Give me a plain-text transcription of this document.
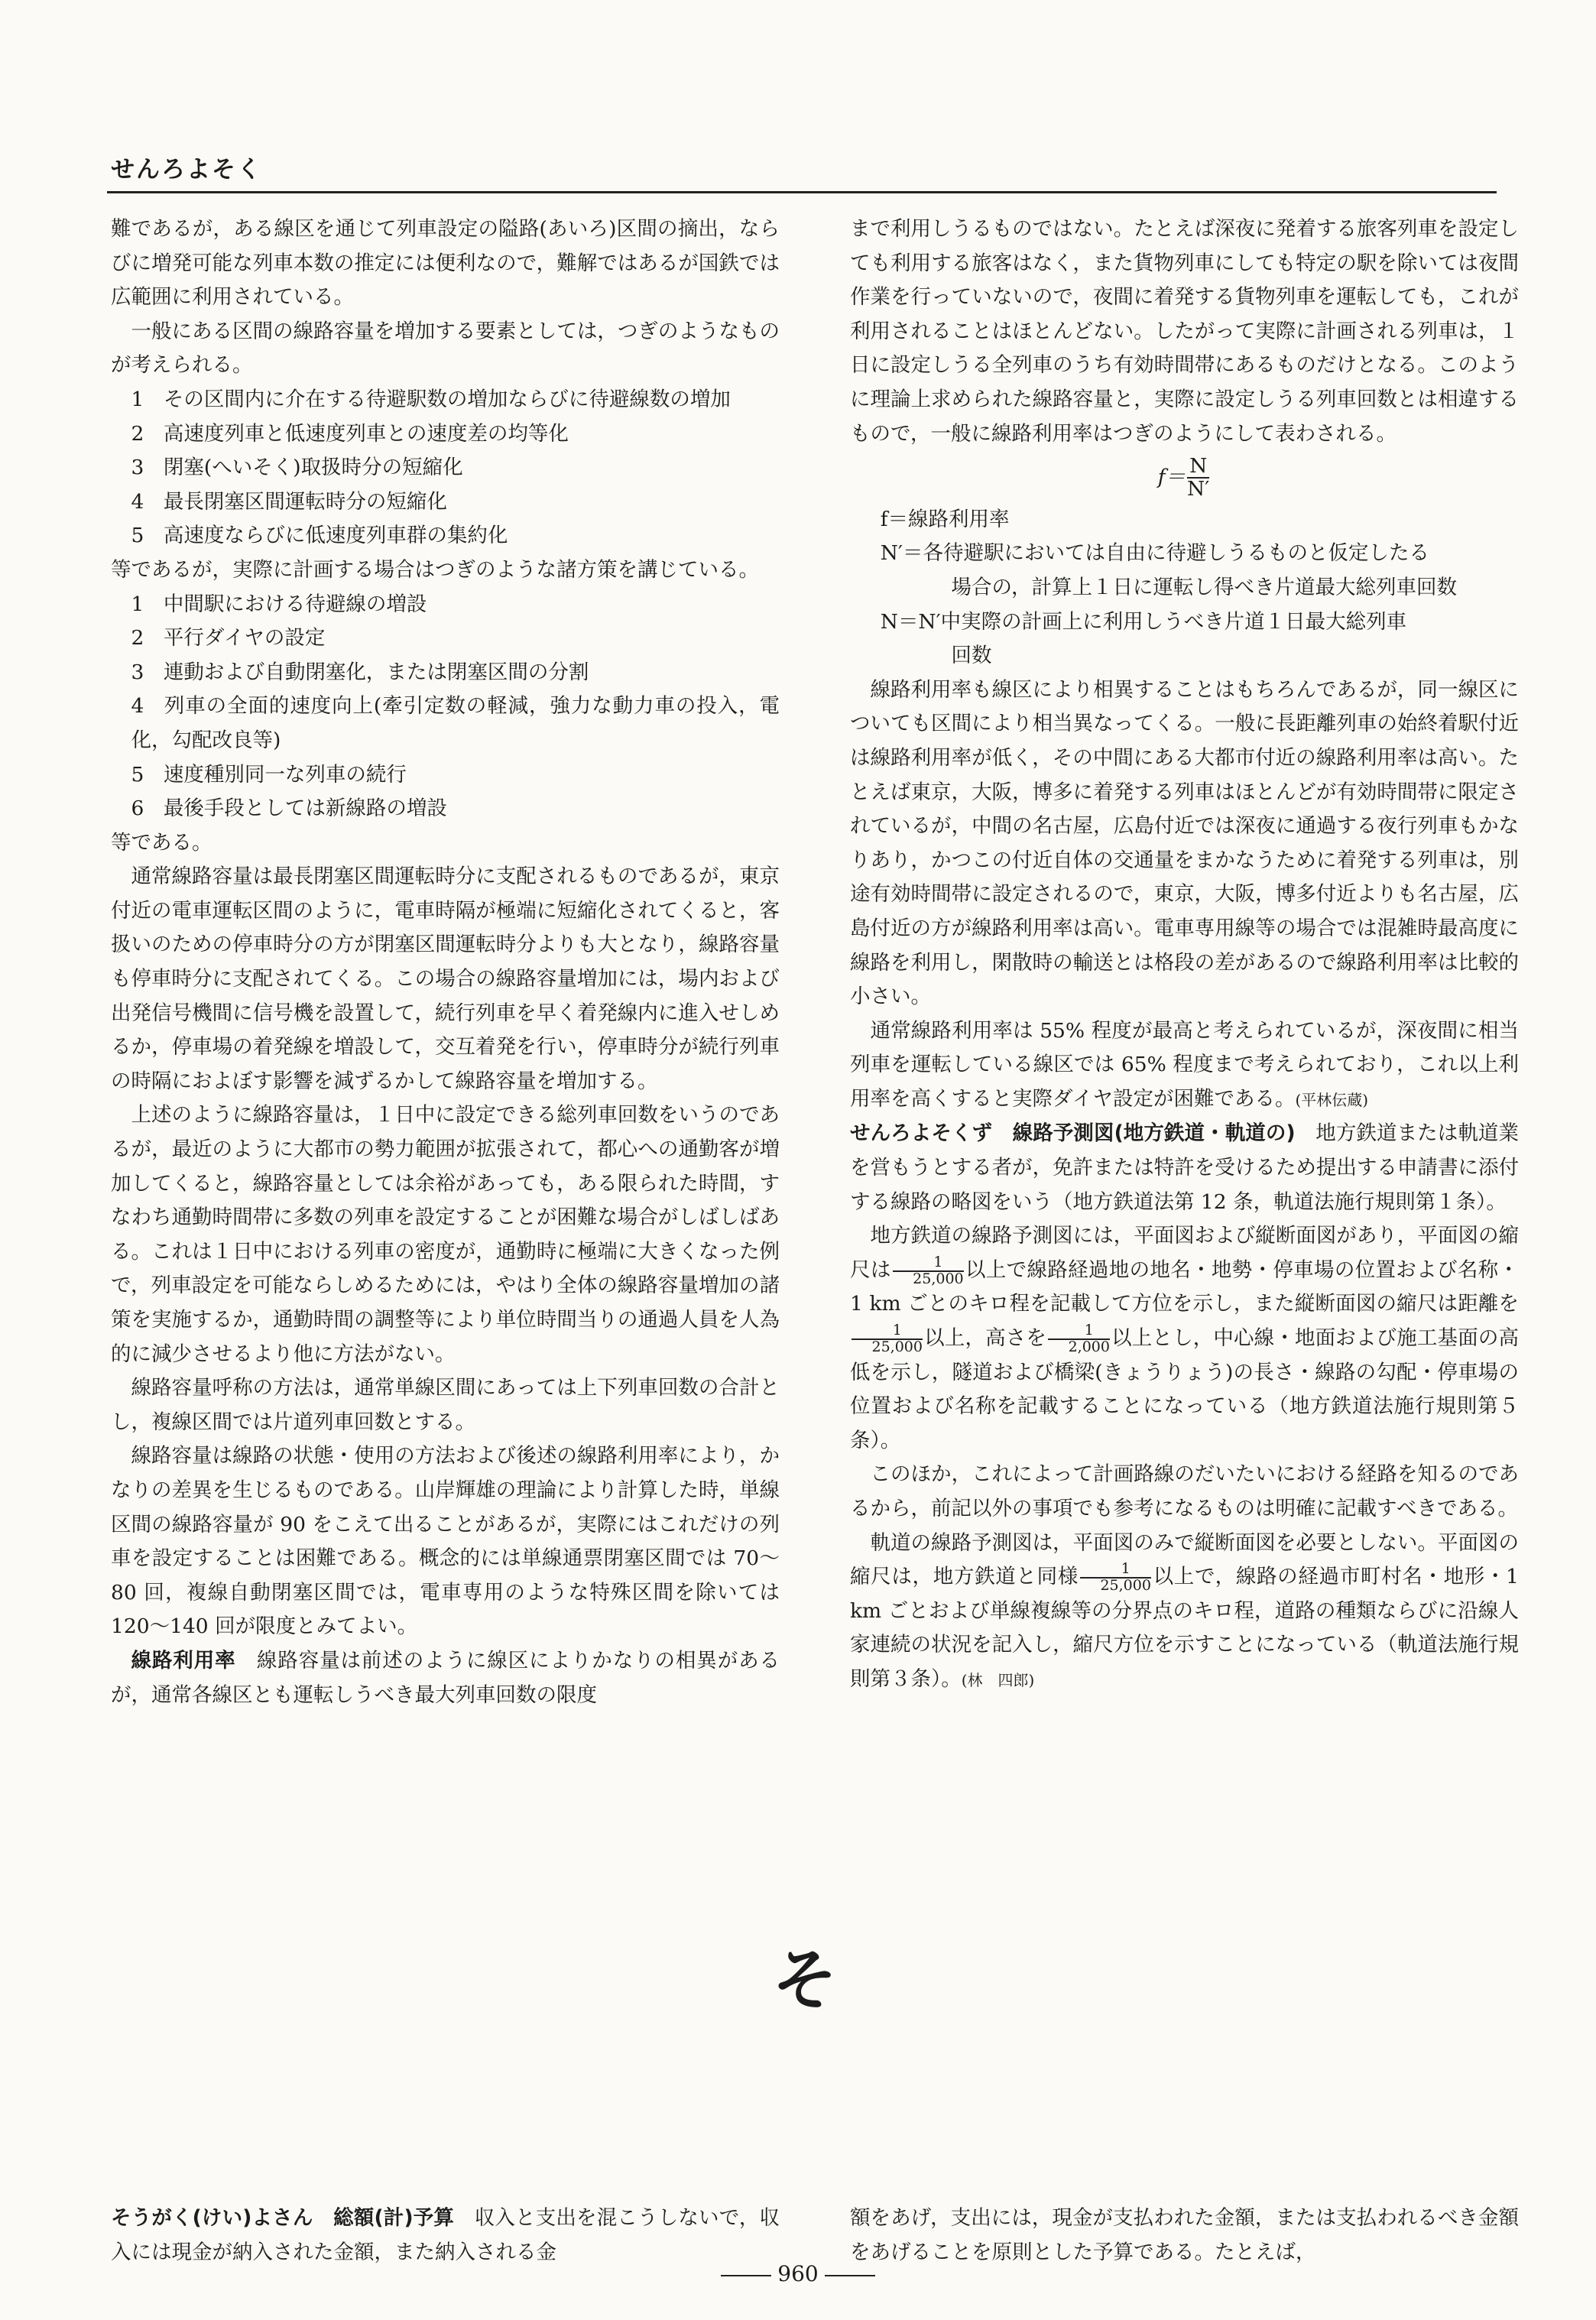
せんろよそく

難であるが，ある線区を通じて列車設定の隘路(あいろ)区間の摘出，ならびに増発可能な列車本数の推定には便利なので，難解ではあるが国鉄では広範囲に利用されている。

一般にある区間の線路容量を増加する要素としては，つぎのようなものが考えられる。

1 その区間内に介在する待避駅数の増加ならびに待避線数の増加
2 高速度列車と低速度列車との速度差の均等化
3 閉塞(へいそく)取扱時分の短縮化
4 最長閉塞区間運転時分の短縮化
5 高速度ならびに低速度列車群の集約化

等であるが，実際に計画する場合はつぎのような諸方策を講じている。

1 中間駅における待避線の増設
2 平行ダイヤの設定
3 連動および自動閉塞化，または閉塞区間の分割
4 列車の全面的速度向上(牽引定数の軽減，強力な動力車の投入，電化，勾配改良等)
5 速度種別同一な列車の続行
6 最後手段としては新線路の増設

等である。

通常線路容量は最長閉塞区間運転時分に支配されるものであるが，東京付近の電車運転区間のように，電車時隔が極端に短縮化されてくると，客扱いのための停車時分の方が閉塞区間運転時分よりも大となり，線路容量も停車時分に支配されてくる。この場合の線路容量増加には，場内および出発信号機間に信号機を設置して，続行列車を早く着発線内に進入せしめるか，停車場の着発線を増設して，交互着発を行い，停車時分が続行列車の時隔におよぼす影響を減ずるかして線路容量を増加する。

上述のように線路容量は，１日中に設定できる総列車回数をいうのであるが，最近のように大都市の勢力範囲が拡張されて，都心への通勤客が増加してくると，線路容量としては余裕があっても，ある限られた時間，すなわち通勤時間帯に多数の列車を設定することが困難な場合がしばしばある。これは１日中における列車の密度が，通勤時に極端に大きくなった例で，列車設定を可能ならしめるためには，やはり全体の線路容量増加の諸策を実施するか，通勤時間の調整等により単位時間当りの通過人員を人為的に減少させるより他に方法がない。

線路容量呼称の方法は，通常単線区間にあっては上下列車回数の合計とし，複線区間では片道列車回数とする。

線路容量は線路の状態・使用の方法および後述の線路利用率により，かなりの差異を生じるものである。山岸輝雄の理論により計算した時，単線区間の線路容量が 90 をこえて出ることがあるが，実際にはこれだけの列車を設定することは困難である。概念的には単線通票閉塞区間では 70～80 回，複線自動閉塞区間では，電車専用のような特殊区間を除いては 120～140 回が限度とみてよい。

線路利用率　 線路容量は前述のように線区によりかなりの相異があるが，通常各線区とも運転しうべき最大列車回数の限度

まで利用しうるものではない。たとえば深夜に発着する旅客列車を設定しても利用する旅客はなく，また貨物列車にしても特定の駅を除いては夜間作業を行っていないので，夜間に着発する貨物列車を運転しても，これが利用されることはほとんどない。したがって実際に計画される列車は，１日に設定しうる全列車のうち有効時間帯にあるものだけとなる。このように理論上求められた線路容量と，実際に設定しうる列車回数とは相違するもので，一般に線路利用率はつぎのようにして表わされる。

$f= \frac{N}{N'}$
f＝線路利用率
N′＝各待避駅においては自由に待避しうるものと仮定したる
場合の，計算上１日に運転し得べき片道最大総列車回数
N＝N′中実際の計画上に利用しうべき片道１日最大総列車
回数

線路利用率も線区により相異することはもちろんであるが，同一線区についても区間により相当異なってくる。一般に長距離列車の始終着駅付近は線路利用率が低く，その中間にある大都市付近の線路利用率は高い。たとえば東京，大阪，博多に着発する列車はほとんどが有効時間帯に限定されているが，中間の名古屋，広島付近では深夜に通過する夜行列車もかなりあり，かつこの付近自体の交通量をまかなうために着発する列車は，別途有効時間帯に設定されるので，東京，大阪，博多付近よりも名古屋，広島付近の方が線路利用率は高い。電車専用線等の場合では混雑時最高度に線路を利用し，閑散時の輸送とは格段の差があるので線路利用率は比較的小さい。

通常線路利用率は 55% 程度が最高と考えられているが，深夜間に相当列車を運転している線区では 65% 程度まで考えられており，これ以上利用率を高くすると実際ダイヤ設定が困難である。(平林伝蔵)

せんろよそくず　線路予測図(地方鉄道・軌道の)　 地方鉄道または軌道業を営もうとする者が，免許または特許を受けるため提出する申請書に添付する線路の略図をいう（地方鉄道法第 12 条，軌道法施行規則第１条）。

地方鉄道の線路予測図には，平面図および縦断面図があり，平面図の縮尺は $\frac{1}{25,000}$ 以上で線路経過地の地名・地勢・停車場の位置および名称・1 km ごとのキロ程を記載して方位を示し，また縦断面図の縮尺は距離を
$\frac{1}{25,000}$ 以上，高さを $\frac{1}{2,000}$ 以上とし，中心線・地面および施工基面の高低を示し，隧道および橋梁(きょうりょう)の長さ・線路の勾配・停車場の位置および名称を記載することになっている（地方鉄道法施行規則第５条）。

このほか，これによって計画路線のだいたいにおける経路を知るのであるから，前記以外の事項でも参考になるものは明確に記載すべきである。

軌道の線路予測図は，平面図のみで縦断面図を必要としない。平面図の縮尺は，地方鉄道と同様 $\frac{1}{25,000}$ 以上で，線路の経過市町村名・地形・1 km ごとおよび単線複線等の分界点のキロ程，道路の種類ならびに沿線人家連続の状況を記入し，縮尺方位を示すことになっている（軌道法施行規則第３条）。(林　四郎)

そ

そうがく(けい)よさん　総額(計)予算　 収入と支出を混こうしないで，収入には現金が納入された金額，また納入される金

額をあげ，支出には，現金が支払われた金額，または支払われるべき金額をあげることを原則とした予算である。たとえば，

960
